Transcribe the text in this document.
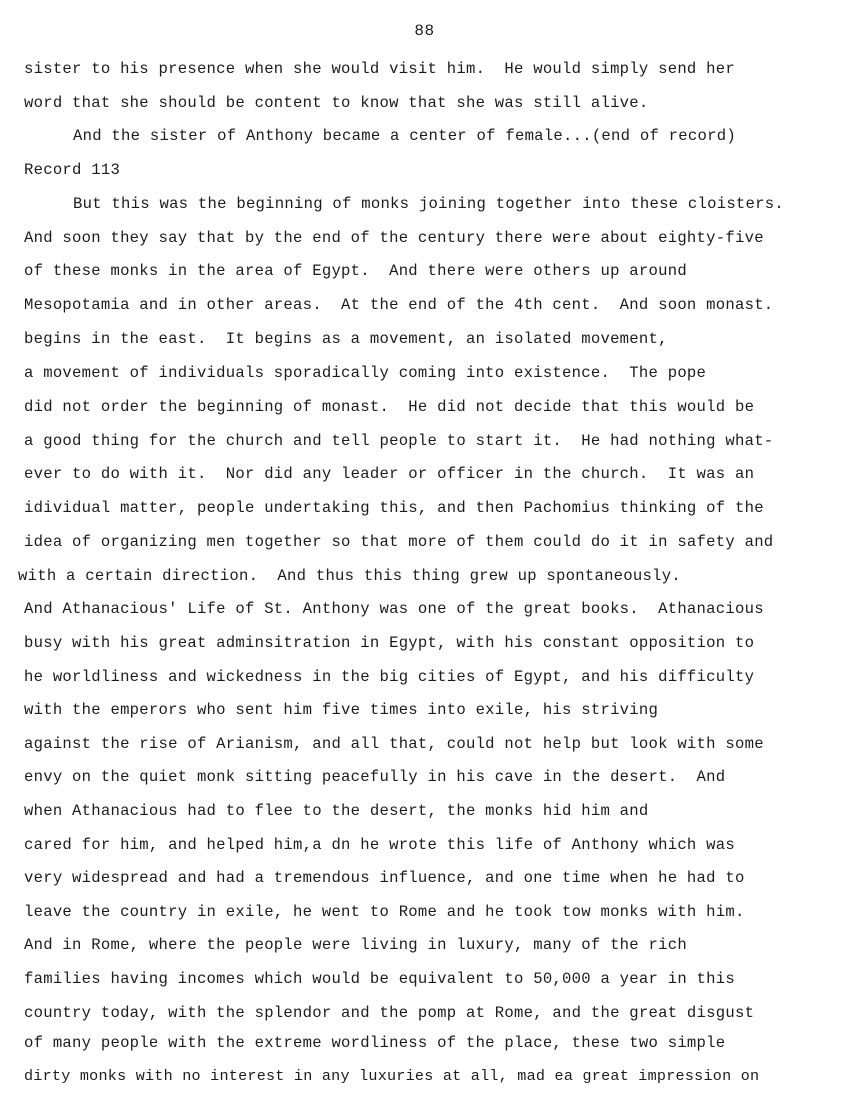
88
sister to his presence when she would visit him.  He would simply send her
word that she should be content to know that she was still alive.
And the sister of Anthony became a center of female...(end of record)
Record 113
But this was the beginning of monks joining together into these cloisters.
And soon they say that by the end of the century there were about eighty-five
of these monks in the area of Egypt.  And there were others up around
Mesopotamia and in other areas.  At the end of the 4th cent.  And soon monast.
begins in the east.  It begins as a movement, an isolated movement,
a movement of individuals sporadically coming into existence.  The pope
did not order the beginning of monast.  He did not decide that this would be
a good thing for the church and tell people to start it.  He had nothing what-
ever to do with it.  Nor did any leader or officer in the church.  It was an
idividual matter, people undertaking this, and then Pachomius thinking of the
idea of organizing men together so that more of them could do it in safety and
with a certain direction.  And thus this thing grew up spontaneously.
And Athanacious' Life of St. Anthony was one of the great books.  Athanacious
busy with his great adminsitration in Egypt, with his constant opposition to
he worldliness and wickedness in the big cities of Egypt, and his difficulty
with the emperors who sent him five times into exile, his striving
against the rise of Arianism, and all that, could not help but look with some
envy on the quiet monk sitting peacefully in his cave in the desert.  And
when Athanacious had to flee to the desert, the monks hid him and
cared for him, and helped him,a dn he wrote this life of Anthony which was
very widespread and had a tremendous influence, and one time when he had to
leave the country in exile, he went to Rome and he took tow monks with him.
And in Rome, where the people were living in luxury, many of the rich
families having incomes which would be equivalent to 50,000 a year in this
country today, with the splendor and the pomp at Rome, and the great disgust
of many people with the extreme wordliness of the place, these two simple
dirty monks with no interest in any luxuries at all, mad ea great impression on
